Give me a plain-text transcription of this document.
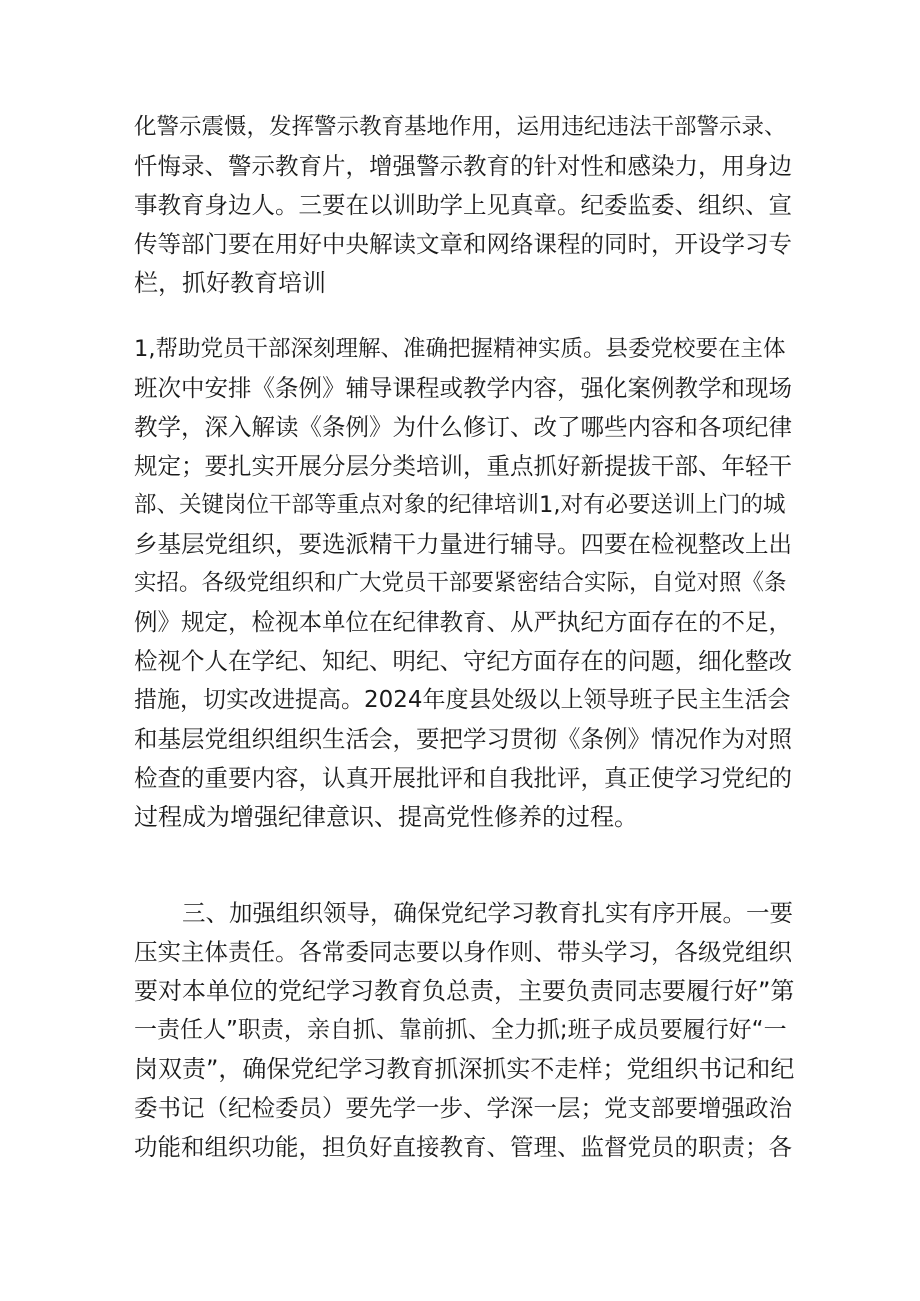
化警示震慑，发挥警示教育基地作用，运用违纪违法干部警示录、
忏悔录、警示教育片，增强警示教育的针对性和感染力，用身边
事教育身边人。三要在以训助学上见真章。纪委监委、组织、宣
传等部门要在用好中央解读文章和网络课程的同时，开设学习专
栏，抓好教育培训
1,帮助党员干部深刻理解、准确把握精神实质。县委党校要在主体
班次中安排《条例》辅导课程或教学内容，强化案例教学和现场
教学，深入解读《条例》为什么修订、改了哪些内容和各项纪律
规定；要扎实开展分层分类培训，重点抓好新提拔干部、年轻干
部、关键岗位干部等重点对象的纪律培训1,对有必要送训上门的城
乡基层党组织，要选派精干力量进行辅导。四要在检视整改上出
实招。各级党组织和广大党员干部要紧密结合实际，自觉对照《条
例》规定，检视本单位在纪律教育、从严执纪方面存在的不足，
检视个人在学纪、知纪、明纪、守纪方面存在的问题，细化整改
措施，切实改进提高。2024年度县处级以上领导班子民主生活会
和基层党组织组织生活会，要把学习贯彻《条例》情况作为对照
检查的重要内容，认真开展批评和自我批评，真正使学习党纪的
过程成为增强纪律意识、提高党性修养的过程。
三、加强组织领导，确保党纪学习教育扎实有序开展。一要
压实主体责任。各常委同志要以身作则、带头学习，各级党组织
要对本单位的党纪学习教育负总责，主要负责同志要履行好”第
一责任人”职责，亲自抓、靠前抓、全力抓;班子成员要履行好“一
岗双责”，确保党纪学习教育抓深抓实不走样；党组织书记和纪
委书记（纪检委员）要先学一步、学深一层；党支部要增强政治
功能和组织功能，担负好直接教育、管理、监督党员的职责；各
